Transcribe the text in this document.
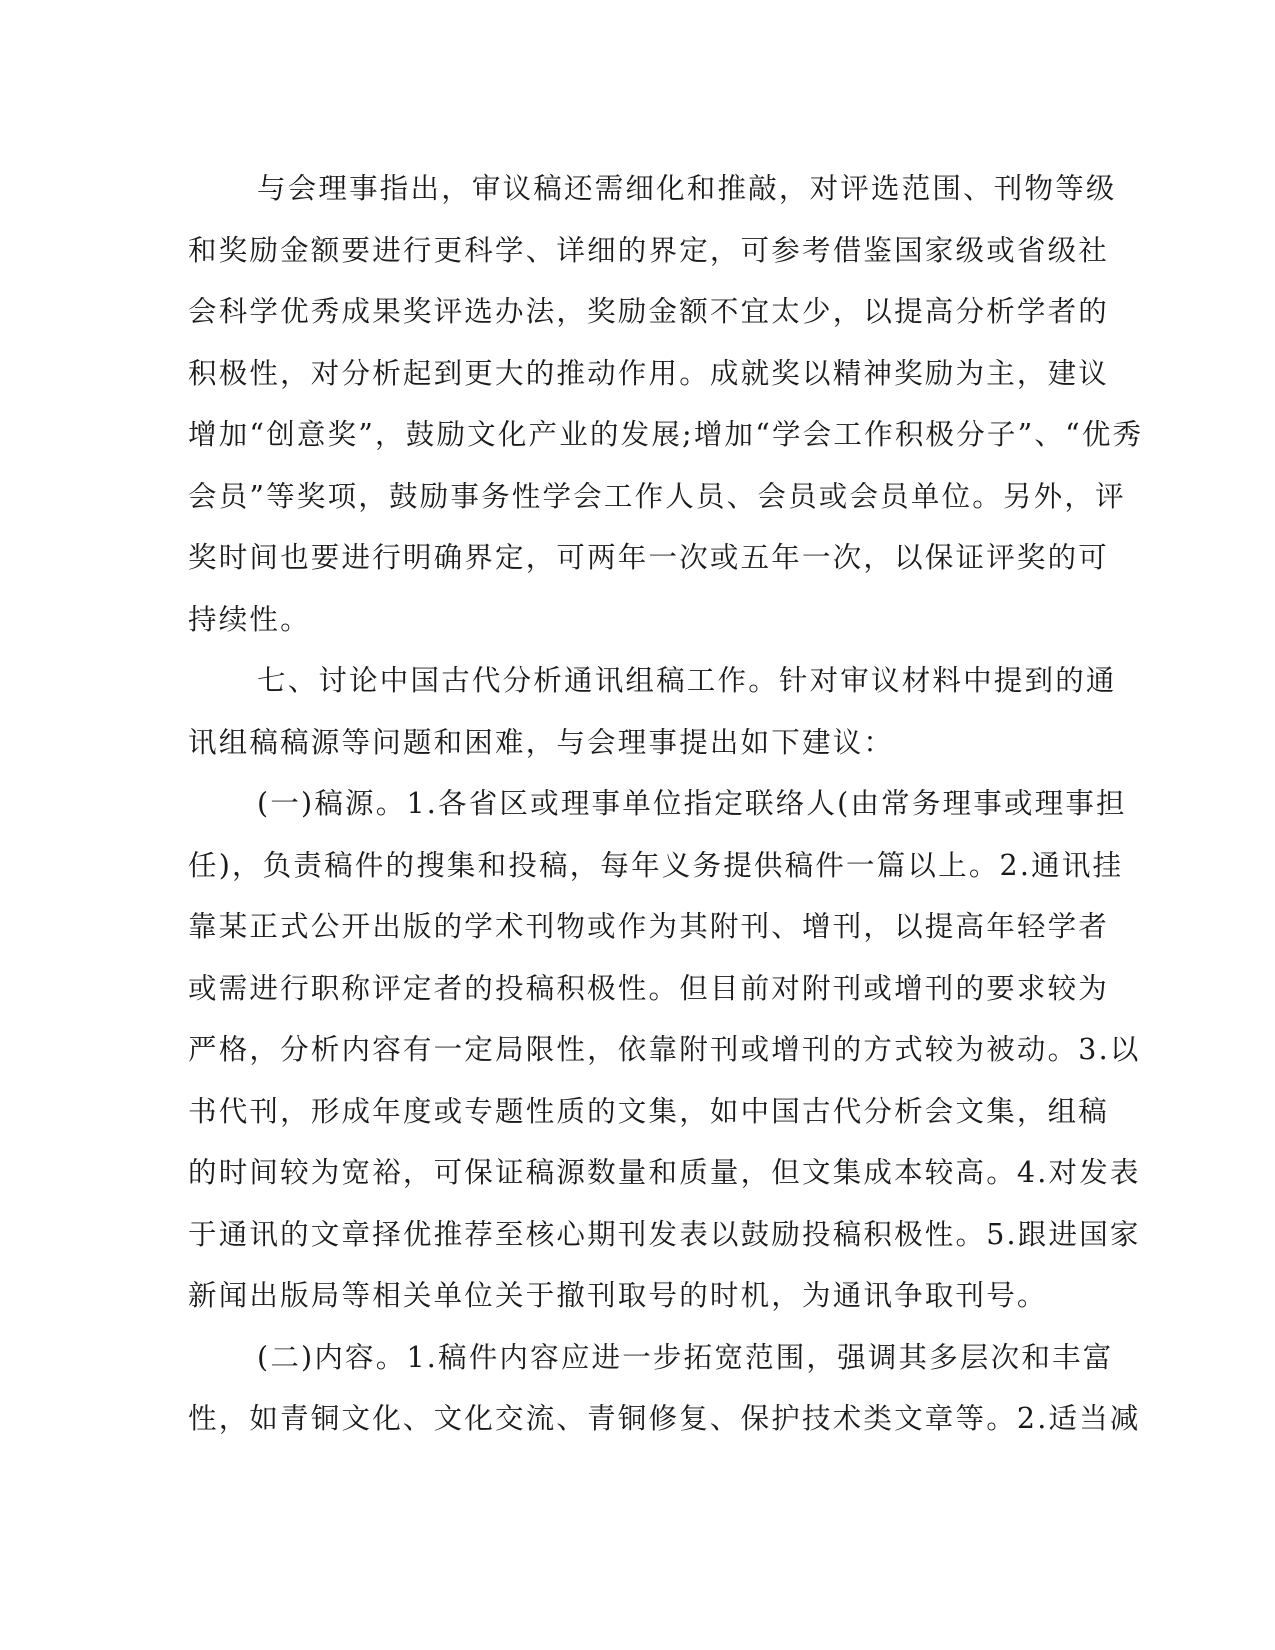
与会理事指出，审议稿还需细化和推敲，对评选范围、刊物等级
和奖励金额要进行更科学、详细的界定，可参考借鉴国家级或省级社
会科学优秀成果奖评选办法，奖励金额不宜太少，以提高分析学者的
积极性，对分析起到更大的推动作用。成就奖以精神奖励为主，建议
增加“创意奖”，鼓励文化产业的发展;增加“学会工作积极分子”、“优秀
会员”等奖项，鼓励事务性学会工作人员、会员或会员单位。另外，评
奖时间也要进行明确界定，可两年一次或五年一次，以保证评奖的可
持续性。
七、讨论中国古代分析通讯组稿工作。针对审议材料中提到的通
讯组稿稿源等问题和困难，与会理事提出如下建议：
(一)稿源。1.各省区或理事单位指定联络人(由常务理事或理事担
任)，负责稿件的搜集和投稿，每年义务提供稿件一篇以上。2.通讯挂
靠某正式公开出版的学术刊物或作为其附刊、增刊，以提高年轻学者
或需进行职称评定者的投稿积极性。但目前对附刊或增刊的要求较为
严格，分析内容有一定局限性，依靠附刊或增刊的方式较为被动。3.以
书代刊，形成年度或专题性质的文集，如中国古代分析会文集，组稿
的时间较为宽裕，可保证稿源数量和质量，但文集成本较高。4.对发表
于通讯的文章择优推荐至核心期刊发表以鼓励投稿积极性。5.跟进国家
新闻出版局等相关单位关于撤刊取号的时机，为通讯争取刊号。
(二)内容。1.稿件内容应进一步拓宽范围，强调其多层次和丰富
性，如青铜文化、文化交流、青铜修复、保护技术类文章等。2.适当减
